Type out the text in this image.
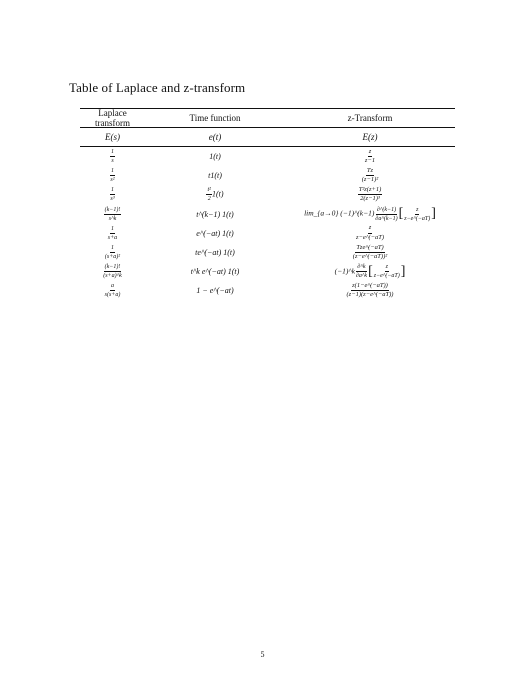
Table of Laplace and z-transform
Laplace transform	Time function	z-Transform
E(s)	e(t)	E(z)
$\frac{1}{s}$	1(t)	$\frac{z}{z-1}$
$\frac{1}{\text{s²}}$	t1(t)	$\frac{Tz}{\text{(z−1)²}}$
$\frac{1}{\text{s³}}$	$\frac{\text{t²}}{2} 1(t)$	$\frac{\text{T²z(z+1)}}{\text{2(z−1)³}}$
$\frac{(k-1)!}{s\^{}k}$	t^(k−1) 1(t)	lim_{a→0} (−1)^(k−1) $\frac{\partial\^{}(k-1)}{\partial a\^{}(k-1)}$ [ $\frac{z}{z-e\^{}(-aT)}$ ]
$\frac{1}{s+a}$	e^(−at) 1(t)	$\frac{z}{z-e\^{}(-aT)}$
$\frac{1}{\text{(s+a)²}}$	te^(−at) 1(t)	$\frac{\text{Tze\textasciicircum{}(−aT)}}{\text{(z−e\textasciicircum{}(−aT))²}}$
$\frac{(k-1)!}{(s+a)\^{}k}$	t^k e^(−at) 1(t)	(−1)^k $\frac{\partial\^{}k}{\partial a\^{}k}$ [ $\frac{z}{z-e\^{}(-aT)}$ ]
$\frac{a}{s(s+a)}$	1 − e^(−at)	$\frac{z(1-e\^{}(-aT))}{(z-1)(z-e\^{}(-aT))}$
5
